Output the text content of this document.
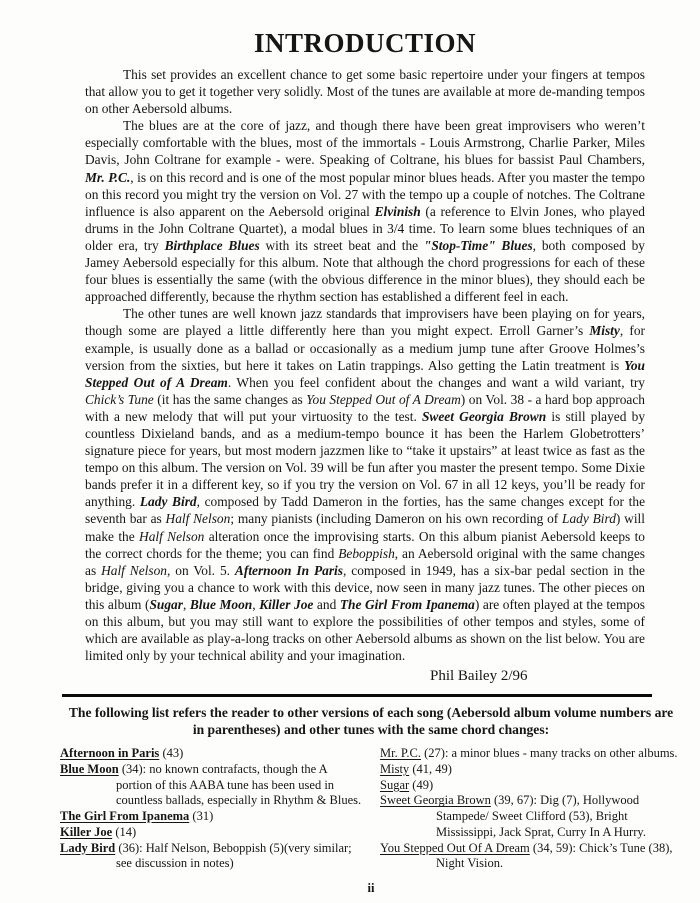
INTRODUCTION

This set provides an excellent chance to get some basic repertoire under your fingers at tempos that allow you to get it together very solidly. Most of the tunes are available at more de-manding tempos on other Aebersold albums.

The blues are at the core of jazz, and though there have been great improvisers who weren’t especially comfortable with the blues, most of the immortals - Louis Armstrong, Charlie Parker, Miles Davis, John Coltrane for example - were. Speaking of Coltrane, his blues for bassist Paul Chambers, Mr. P.C., is on this record and is one of the most popular minor blues heads. After you master the tempo on this record you might try the version on Vol. 27 with the tempo up a couple of notches. The Coltrane influence is also apparent on the Aebersold original Elvinish (a reference to Elvin Jones, who played drums in the John Coltrane Quartet), a modal blues in 3/4 time. To learn some blues techniques of an older era, try Birthplace Blues with its street beat and the "Stop-Time" Blues, both composed by Jamey Aebersold especially for this album. Note that although the chord progressions for each of these four blues is essentially the same (with the obvious difference in the minor blues), they should each be approached differently, because the rhythm section has established a different feel in each.

The other tunes are well known jazz standards that improvisers have been playing on for years, though some are played a little differently here than you might expect. Erroll Garner’s Misty, for example, is usually done as a ballad or occasionally as a medium jump tune after Groove Holmes’s version from the sixties, but here it takes on Latin trappings. Also getting the Latin treatment is You Stepped Out of A Dream. When you feel confident about the changes and want a wild variant, try Chick’s Tune (it has the same changes as You Stepped Out of A Dream) on Vol. 38 - a hard bop approach with a new melody that will put your virtuosity to the test. Sweet Georgia Brown is still played by countless Dixieland bands, and as a medium-tempo bounce it has been the Harlem Globetrotters’ signature piece for years, but most modern jazzmen like to “take it upstairs” at least twice as fast as the tempo on this album. The version on Vol. 39 will be fun after you master the present tempo. Some Dixie bands prefer it in a different key, so if you try the version on Vol. 67 in all 12 keys, you’ll be ready for anything. Lady Bird, composed by Tadd Dameron in the forties, has the same changes except for the seventh bar as Half Nelson; many pianists (including Dameron on his own recording of Lady Bird) will make the Half Nelson alteration once the improvising starts. On this album pianist Aebersold keeps to the correct chords for the theme; you can find Beboppish, an Aebersold original with the same changes as Half Nelson, on Vol. 5. Afternoon In Paris, composed in 1949, has a six-bar pedal section in the bridge, giving you a chance to work with this device, now seen in many jazz tunes. The other pieces on this album (Sugar, Blue Moon, Killer Joe and The Girl From Ipanema) are often played at the tempos on this album, but you may still want to explore the possibilities of other tempos and styles, some of which are available as play-a-long tracks on other Aebersold albums as shown on the list below. You are limited only by your technical ability and your imagination.

Phil Bailey 2/96
The following list refers the reader to other versions of each song (Aebersold album volume numbers are
in parentheses) and other tunes with the same chord changes:
Afternoon in Paris (43)
Blue Moon (34): no known contrafacts, though the A portion of this AABA tune has been used in countless ballads, especially in Rhythm & Blues.
The Girl From Ipanema (31)
Killer Joe (14)
Lady Bird (36): Half Nelson, Beboppish (5)(very similar; see discussion in notes)
Mr. P.C. (27): a minor blues - many tracks on other albums.
Misty (41, 49)
Sugar (49)
Sweet Georgia Brown (39, 67): Dig (7), Hollywood Stampede/ Sweet Clifford (53), Bright Mississippi, Jack Sprat, Curry In A Hurry.
You Stepped Out Of A Dream (34, 59): Chick’s Tune (38), Night Vision.
ii
